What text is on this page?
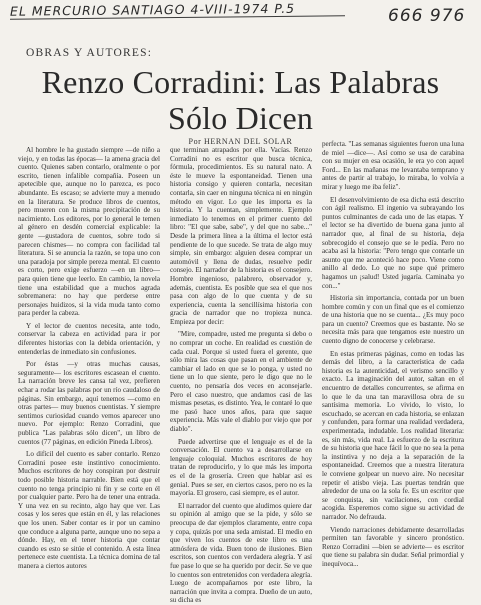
EL MERCURIO SANTIAGO 4-VIII-1974 P.5	666 976
OBRAS Y AUTORES:
Renzo Corradini: Las Palabras
Sólo Dicen
Por HERNAN DEL SOLAR

Al hombre le ha gustado siempre —de niño a viejo, y en todas las épocas— la amena gracia del cuento. Quienes saben contarlo, oralmente o por escrito, tienen infalible compañía. Poseen un apetecible que, aunque no lo parezca, es poco abundante. Es escaso; se advierte muy a menudo en la literatura. Se produce libros de cuentos, pero mueren con la misma precipitación de su nacimiento. Los editores, por lo general le temen al género en desdén comercial explicable: la gente —gustadora de cuentos, sobre todo si parecen chismes— no compra con facilidad tal literatura. Si se anuncia la razón, se topa uno con una paradoja por simple pereza mental. El cuento es corto, pero exige esfuerzo —en un libro— para quien tiene que leerlo. En cambio, la novela tiene una estabilidad que a muchos agrada sobremanera: no hay que perderse entre personajes huidizos, si la vida muda tanto como para perder la cabeza.

Y el lector de cuentos necesita, ante todo, conservar la cabeza en actividad para ir por diferentes historias con la debida orientación, y entenderlas de inmediato sin confusiones.

Por éstas —y otras muchas causas, seguramente— los escritores escasean el cuento. La narración breve les cansa tal vez, prefieren echar a rodar las palabras por un río caudaloso de páginas. Sin embargo, aquí tenemos —como en otras partes— muy buenos cuentistas. Y siempre sentimos curiosidad cuando vemos aparecer uno nuevo. Por ejemplo: Renzo Corradini, que publica "Las palabras sólo dicen", un libro de cuentos (77 páginas, en edición Pineda Libros).

Lo difícil del cuento es saber contarlo. Renzo Corradini posee este instintivo conocimiento. Muchos escritores de hoy conspiran por destruir todo posible historia narrable. Bien está que el cuento no tenga principio ni fin y se corte en él por cualquier parte. Pero ha de tener una entrada. Y una vez en su recinto, algo hay que ver. Las cosas y los seres que están en él, y las relaciones que los unen. Saber contar es ir por un camino que conduce a alguna parte, aunque uno no sepa a dónde. Hay, en el tener historia que contar cuando es esto se sitúe el contenido. A esta línea pertenece este cuentista. La técnica domina de tal manera a ciertos autores

que terminan atrapados por ella. Vacías. Renzo Corradini no es escritor que busca técnica, fórmula, procedimientos. Es su natural nato. A éste le mueve la espontaneidad. Tienen una historia consigo y quieren contarla, necesitan contarla, sin caer en ninguna técnica ni en ningún método en vigor. Lo que les importa es la historia. Y la cuentan, simplemente. Ejemplo inmediato lo tenemos en el primer cuento del libro: "El que sabe, sabe", y del que no sabe..." Desde la primera línea a la última el lector está pendiente de lo que sucede. Se trata de algo muy simple, sin embargo: alguien desea comprar un automóvil y llena de dudas, resuelve pedir consejo. El narrador de la historia es el consejero. Hombre ingenioso, palabrero, observador y, además, cuentista. Es posible que sea el que nos pasa con algo de lo que cuenta y de su experiencia, cuenta la sencillísima historia con gracia de narrador que no tropieza nunca. Empieza por decir:

"Mire, compadre, usted me pregunta si debo o no comprar un coche. En realidad es cuestión de cada cual. Porque si usted fuera el gerente, que sólo mira las cosas que pasan en el ambiente de cambiar el lado en que se lo ponga, y usted no tiene un lo que siente, pero le digo que no le cuento, no pensaría dos veces en aconsejarle. Pero el caso nuestro, que andamos casi de las mismas pesetas, es distinto. Yea, le contaré lo que me pasó hace unos años, para que saque experiencia. Más vale el diablo por viejo que por diablo".

Puede advertirse que el lenguaje es el de la conversación. El cuento va a desarrollarse en lenguaje coloquial. Muchos escritores de hoy tratan de reproducirlo, y lo que más les importa es el de la grosería. Creen que hablar así es genial. Pues se ser, en ciertos casos, pero no es la mayoría. El grosero, casi siempre, es el autor.

El narrador del cuento que aludimos quiere dar su opinión al amigo que se la pide, y sólo se preocupa de dar ejemplos claramente, entre copa y copa, quizás por una seda amistad. El medio en que viven los cuentos de este libro es una atmósfera de vida. Buen tono de ilusiones. Bien escritos, son cuentos con verdadera alegría. Y así fue pase lo que se ha querido por decir. Se ve que lo cuentos son entretenidos con verdadera alegría. Luego de acompañarnos por este libro, la narración que invita a compra. Dueño de un auto, su dicha es

perfecta. "Las semanas siguientes fueron una luna de miel —dice—. Así como se usa de carabina con su mujer en esa ocasión, le era yo con aquel Ford... En las mañanas me levantaba temprano y antes de partir al trabajo, lo miraba, lo volvía a mirar y luego me iba feliz".

El desenvolvimiento de esa dicha está descrito con ágil realismo. El ingenio va subrayando los puntos culminantes de cada uno de las etapas. Y el lector se ha divertido de buena gana junto al narrador que, al final de su historia, deja sobrecogido el consejo que se le pedía. Pero no acaba así la historia: "Pero tengo que contarle un asunto que me aconteció hace poco. Viene como anillo al dedo. Lo que no supe qué primero hagamos un ¡salud! Usted jugaría. Caminaba yo con..."

Historia sin importancia, contada por un buen hombre común y con un final que es el comienzo de una historia que no se cuenta... ¿Es muy poco para un cuento? Creemos que es bastante. No se necesita más para que tengamos este nuestro un cuento digno de conocerse y celebrarse.

En estas primeras páginas, como en todas las demás del libro, a la característica de cada historia es la autenticidad, el verismo sencillo y exacto. La imaginación del autor, saltan en el encuentro de detalles concurrentes, se afirma en lo que le da una tan maravillosa obra de su santísima memoria. Lo vivido, lo visto, lo escuchado, se acercan en cada historia, se enlazan y confunden, para formar una realidad verdadera, experimentada, indudable. Los realidad literaria: es, sin más, vida real. La esfuerzo de la escritura de su historia que hace fácil lo que no sea la pena la instintiva y no deja a la separación de la espontaneidad. Creemos que a nuestra literatura le conviene golpear un nuevo aire. No necesitar repetir el atisbo vieja. Las puertas tendrán que alrededor de una oo la sola fe. Es un escritor que se conquista, sin vacilaciones, con cordial acogida. Esperemos como sigue su actividad de narrador. No defrauda.

Viendo narraciones debidamente desarrolladas permiten tan favorable y sincero pronóstico. Renzo Corradini —bien se advierte— es escritor que tiene su palabra sin dudar. Señal primordial y inequívoca...
